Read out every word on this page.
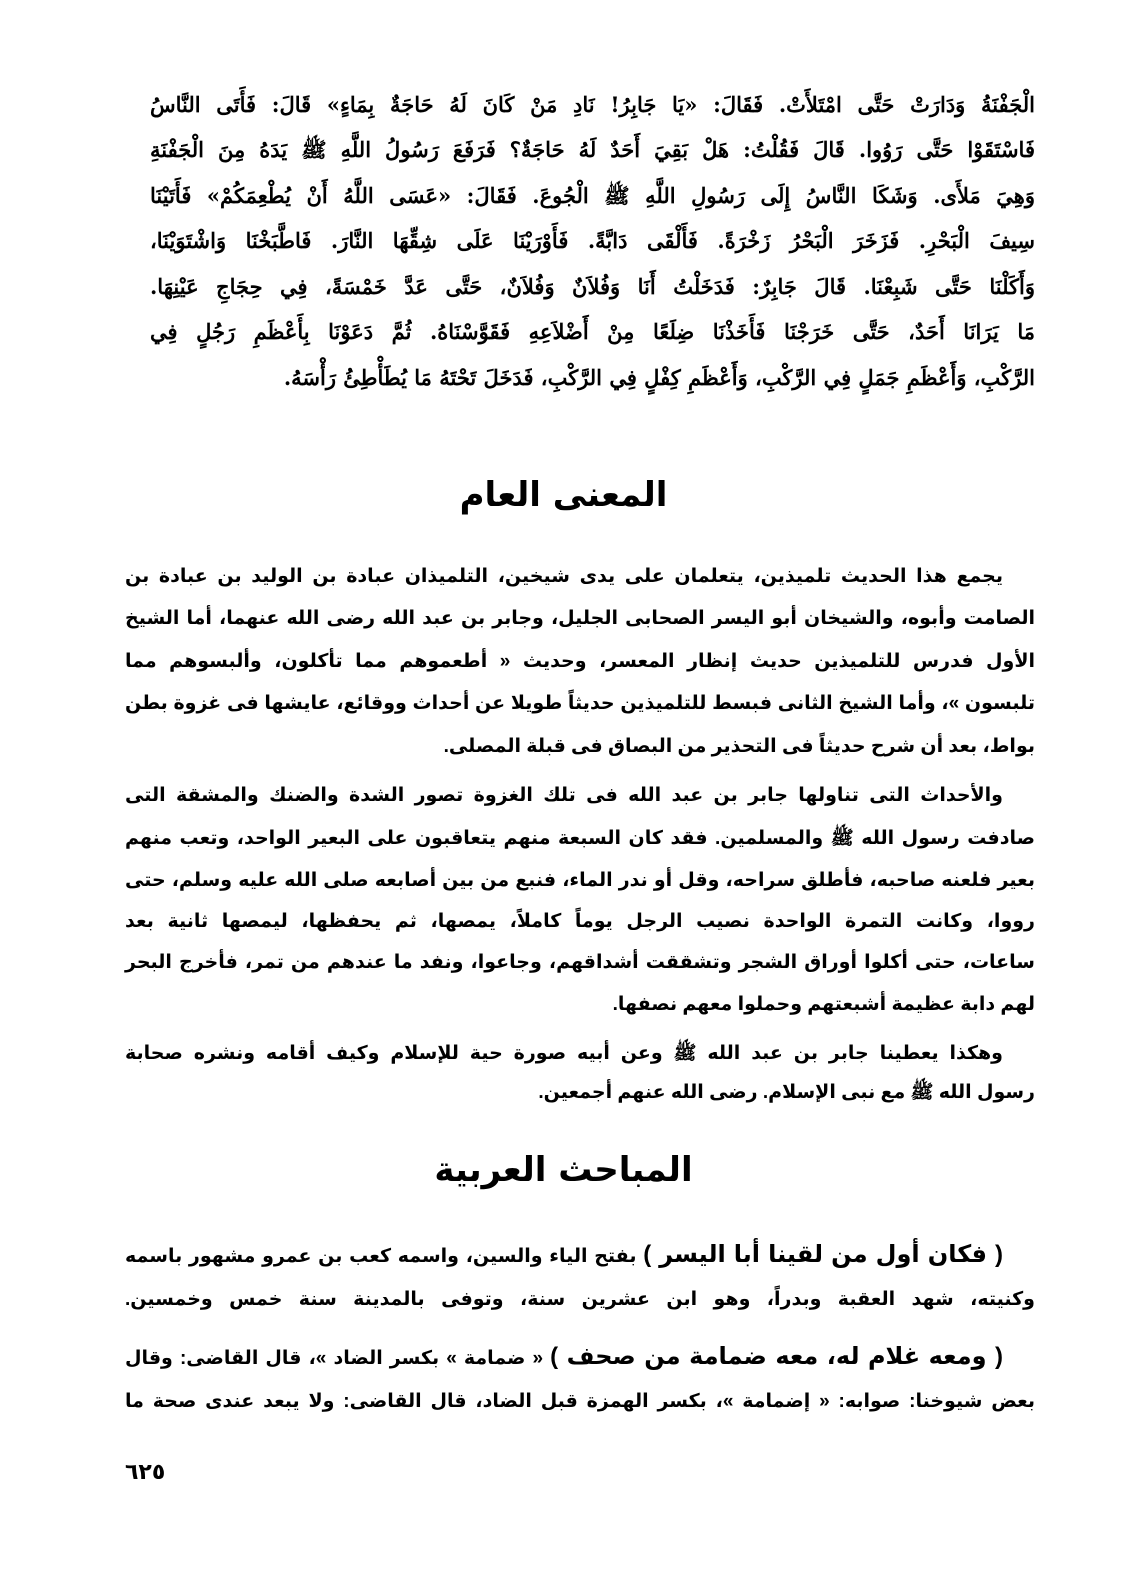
الْجَفْنَةُ وَدَارَتْ حَتَّى امْتَلأَتْ. فَقَالَ: «يَا جَابِرُ! نَادِ مَنْ كَانَ لَهُ حَاجَةٌ بِمَاءٍ» قَالَ: فَأَتَى النَّاسُ
فَاسْتَقَوْا حَتَّى رَوُوا. قَالَ فَقُلْتُ: هَلْ بَقِيَ أَحَدٌ لَهُ حَاجَةٌ؟ فَرَفَعَ رَسُولُ اللَّهِ ﷺ يَدَهُ مِنَ الْجَفْنَةِ
وَهِيَ مَلأَى. وَشَكَا النَّاسُ إِلَى رَسُولِ اللَّهِ ﷺ الْجُوعَ. فَقَالَ: «عَسَى اللَّهُ أَنْ يُطْعِمَكُمْ» فَأَتَيْنَا
سِيفَ الْبَحْرِ. فَزَخَرَ الْبَحْرُ زَخْرَةً. فَأَلْقَى دَابَّةً. فَأَوْرَيْنَا عَلَى شِقِّهَا النَّارَ. فَاطَّبَخْنَا وَاشْتَوَيْنَا،
وَأَكَلْنَا حَتَّى شَبِعْنَا. قَالَ جَابِرٌ: فَدَخَلْتُ أَنَا وَفُلاَنٌ وَفُلاَنٌ، حَتَّى عَدَّ خَمْسَةً، فِي حِجَاجِ عَيْنِهَا.
مَا يَرَانَا أَحَدٌ، حَتَّى خَرَجْنَا فَأَخَذْنَا ضِلَعًا مِنْ أَضْلاَعِهِ فَقَوَّسْنَاهُ. ثُمَّ دَعَوْنَا بِأَعْظَمِ رَجُلٍ فِي
الرَّكْبِ، وَأَعْظَمِ جَمَلٍ فِي الرَّكْبِ، وَأَعْظَمِ كِفْلٍ فِي الرَّكْبِ، فَدَخَلَ تَحْتَهُ مَا يُطَأْطِئُ رَأْسَهُ.
المعنى العام
يجمع هذا الحديث تلميذين، يتعلمان على يدى شيخين، التلميذان عبادة بن الوليد بن عبادة بن
الصامت وأبوه، والشيخان أبو اليسر الصحابى الجليل، وجابر بن عبد الله رضى الله عنهما، أما الشيخ
الأول فدرس للتلميذين حديث إنظار المعسر، وحديث « أطعموهم مما تأكلون، وألبسوهم مما
تلبسون »، وأما الشيخ الثانى فبسط للتلميذين حديثاً طويلا عن أحداث ووقائع، عايشها فى غزوة بطن
بواط، بعد أن شرح حديثاً فى التحذير من البصاق فى قبلة المصلى.
والأحداث التى تناولها جابر بن عبد الله فى تلك الغزوة تصور الشدة والضنك والمشقة التى
صادفت رسول الله ﷺ والمسلمين. فقد كان السبعة منهم يتعاقبون على البعير الواحد، وتعب منهم
بعير فلعنه صاحبه، فأطلق سراحه، وقل أو ندر الماء، فنبع من بين أصابعه صلى الله عليه وسلم، حتى
رووا، وكانت التمرة الواحدة نصيب الرجل يوماً كاملاً، يمصها، ثم يحفظها، ليمصها ثانية بعد
ساعات، حتى أكلوا أوراق الشجر وتشققت أشداقهم، وجاعوا، ونفد ما عندهم من تمر، فأخرج البحر
لهم دابة عظيمة أشبعتهم وحملوا معهم نصفها.
وهكذا يعطينا جابر بن عبد الله ﷺ وعن أبيه صورة حية للإسلام وكيف أقامه ونشره صحابة
رسول الله ﷺ مع نبى الإسلام. رضى الله عنهم أجمعين.
المباحث العربية
( فكان أول من لقينا أبا اليسر ) بفتح الياء والسين، واسمه كعب بن عمرو مشهور باسمه
وكنيته، شهد العقبة وبدراً، وهو ابن عشرين سنة، وتوفى بالمدينة سنة خمس وخمسين.
( ومعه غلام له، معه ضمامة من صحف ) « ضمامة » بكسر الضاد »، قال القاضى: وقال
بعض شيوخنا: صوابه: « إضمامة »، بكسر الهمزة قبل الضاد، قال القاضى: ولا يبعد عندى صحة ما
٦٢٥
